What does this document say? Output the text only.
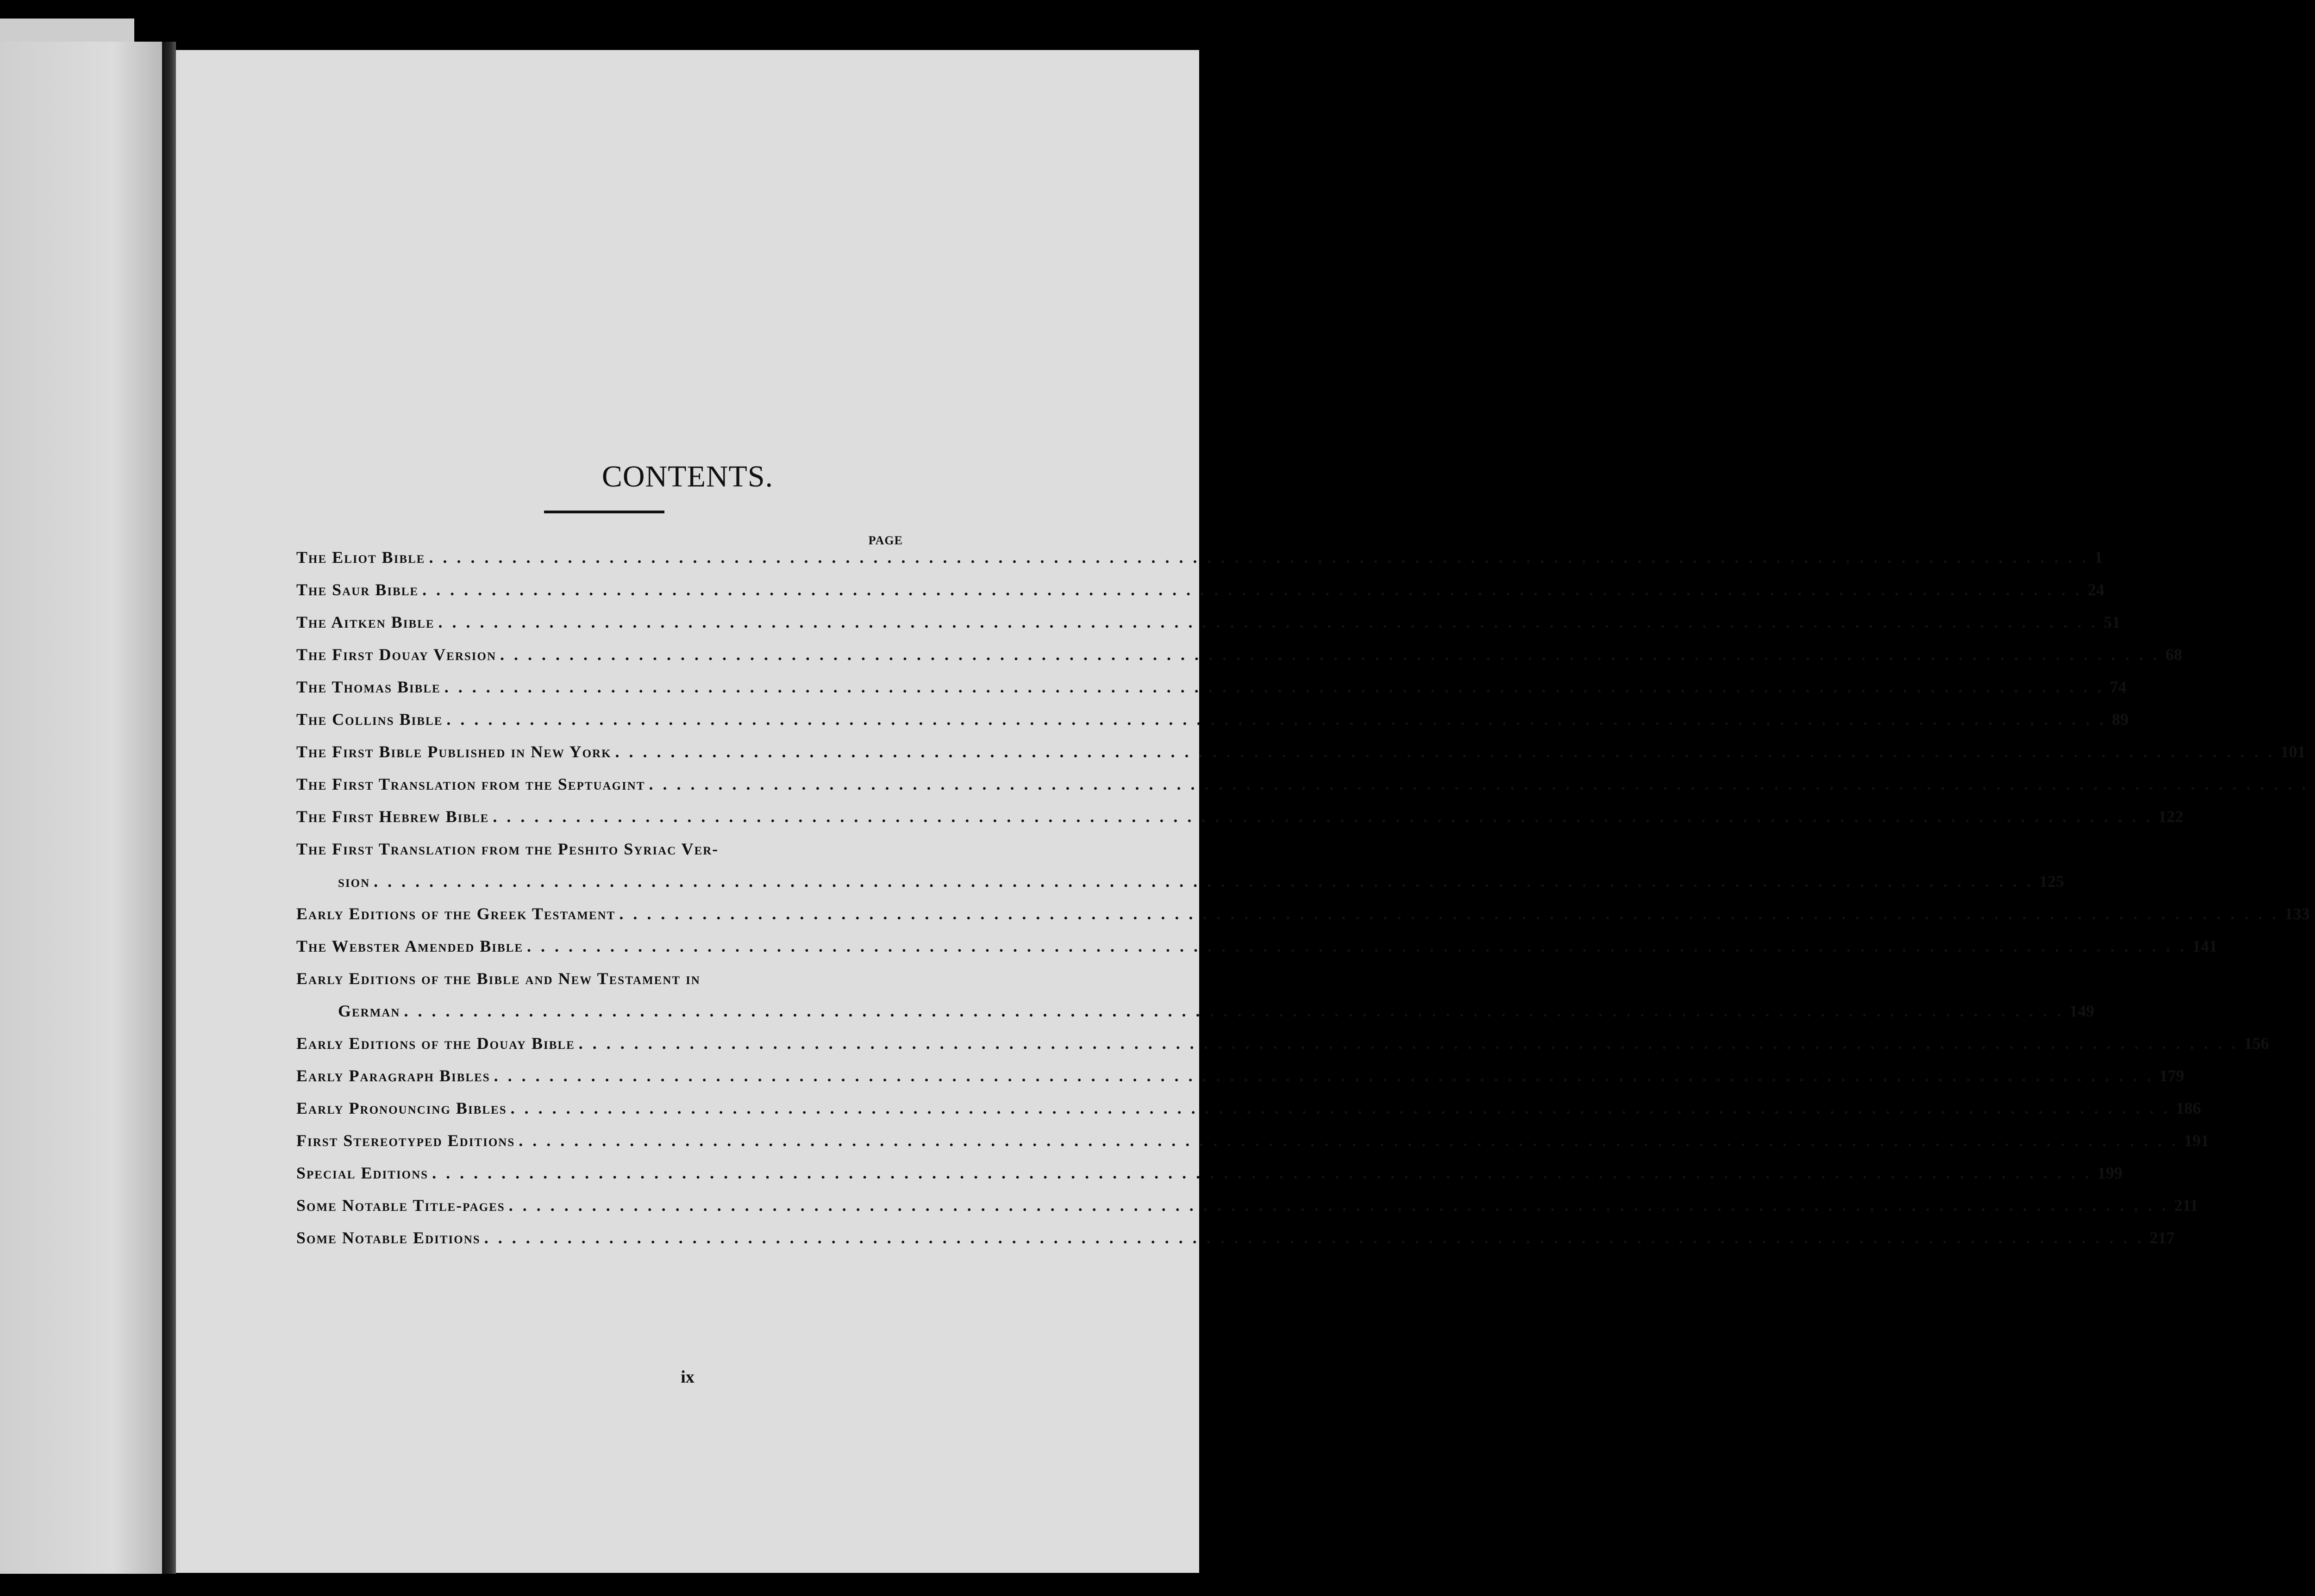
CONTENTS.
PAGE
The Eliot Bible . . . . . . . . . . . . . . . . . . . . . . . . . . . . . . . . . . . . . . . . . . . . . . . . . . . . . . . . . . . . . . . . . . . . . . . . . . . . . . . . . . . . . . . . . . . . . . . . . . . . . . . . . . . . . . . . . . . . . . . . 1
The Saur Bible . . . . . . . . . . . . . . . . . . . . . . . . . . . . . . . . . . . . . . . . . . . . . . . . . . . . . . . . . . . . . . . . . . . . . . . . . . . . . . . . . . . . . . . . . . . . . . . . . . . . . . . . . . . . . . . . . . . . . . . . 24
The Aitken Bible . . . . . . . . . . . . . . . . . . . . . . . . . . . . . . . . . . . . . . . . . . . . . . . . . . . . . . . . . . . . . . . . . . . . . . . . . . . . . . . . . . . . . . . . . . . . . . . . . . . . . . . . . . . . . . . . . . . . . . . . 51
The First Douay Version . . . . . . . . . . . . . . . . . . . . . . . . . . . . . . . . . . . . . . . . . . . . . . . . . . . . . . . . . . . . . . . . . . . . . . . . . . . . . . . . . . . . . . . . . . . . . . . . . . . . . . . . . . . . . . . . . . . . . . . . 68
The Thomas Bible . . . . . . . . . . . . . . . . . . . . . . . . . . . . . . . . . . . . . . . . . . . . . . . . . . . . . . . . . . . . . . . . . . . . . . . . . . . . . . . . . . . . . . . . . . . . . . . . . . . . . . . . . . . . . . . . . . . . . . . . 74
The Collins Bible . . . . . . . . . . . . . . . . . . . . . . . . . . . . . . . . . . . . . . . . . . . . . . . . . . . . . . . . . . . . . . . . . . . . . . . . . . . . . . . . . . . . . . . . . . . . . . . . . . . . . . . . . . . . . . . . . . . . . . . . 89
The First Bible Published in New York . . . . . . . . . . . . . . . . . . . . . . . . . . . . . . . . . . . . . . . . . . . . . . . . . . . . . . . . . . . . . . . . . . . . . . . . . . . . . . . . . . . . . . . . . . . . . . . . . . . . . . . . . . . . . . . . . . . . . . . . 101
The First Translation from the Septuagint . . . . . . . . . . . . . . . . . . . . . . . . . . . . . . . . . . . . . . . . . . . . . . . . . . . . . . . . . . . . . . . . . . . . . . . . . . . . . . . . . . . . . . . . . . . . . . . . . . . . . . . . . . . . . . . . . . . . . . . .
The First Hebrew Bible . . . . . . . . . . . . . . . . . . . . . . . . . . . . . . . . . . . . . . . . . . . . . . . . . . . . . . . . . . . . . . . . . . . . . . . . . . . . . . . . . . . . . . . . . . . . . . . . . . . . . . . . . . . . . . . . . . . . . . . . 122
The First Translation from the Peshito Syriac Ver-
sion . . . . . . . . . . . . . . . . . . . . . . . . . . . . . . . . . . . . . . . . . . . . . . . . . . . . . . . . . . . . . . . . . . . . . . . . . . . . . . . . . . . . . . . . . . . . . . . . . . . . . . . . . . . . . . . . . . . . . . . . 125
Early Editions of the Greek Testament . . . . . . . . . . . . . . . . . . . . . . . . . . . . . . . . . . . . . . . . . . . . . . . . . . . . . . . . . . . . . . . . . . . . . . . . . . . . . . . . . . . . . . . . . . . . . . . . . . . . . . . . . . . . . . . . . . . . . . . . 133
The Webster Amended Bible . . . . . . . . . . . . . . . . . . . . . . . . . . . . . . . . . . . . . . . . . . . . . . . . . . . . . . . . . . . . . . . . . . . . . . . . . . . . . . . . . . . . . . . . . . . . . . . . . . . . . . . . . . . . . . . . . . . . . . . . 141
Early Editions of the Bible and New Testament in
German . . . . . . . . . . . . . . . . . . . . . . . . . . . . . . . . . . . . . . . . . . . . . . . . . . . . . . . . . . . . . . . . . . . . . . . . . . . . . . . . . . . . . . . . . . . . . . . . . . . . . . . . . . . . . . . . . . . . . . . . 149
Early Editions of the Douay Bible . . . . . . . . . . . . . . . . . . . . . . . . . . . . . . . . . . . . . . . . . . . . . . . . . . . . . . . . . . . . . . . . . . . . . . . . . . . . . . . . . . . . . . . . . . . . . . . . . . . . . . . . . . . . . . . . . . . . . . . . 156
Early Paragraph Bibles . . . . . . . . . . . . . . . . . . . . . . . . . . . . . . . . . . . . . . . . . . . . . . . . . . . . . . . . . . . . . . . . . . . . . . . . . . . . . . . . . . . . . . . . . . . . . . . . . . . . . . . . . . . . . . . . . . . . . . . . 179
Early Pronouncing Bibles . . . . . . . . . . . . . . . . . . . . . . . . . . . . . . . . . . . . . . . . . . . . . . . . . . . . . . . . . . . . . . . . . . . . . . . . . . . . . . . . . . . . . . . . . . . . . . . . . . . . . . . . . . . . . . . . . . . . . . . . 186
First Stereotyped Editions . . . . . . . . . . . . . . . . . . . . . . . . . . . . . . . . . . . . . . . . . . . . . . . . . . . . . . . . . . . . . . . . . . . . . . . . . . . . . . . . . . . . . . . . . . . . . . . . . . . . . . . . . . . . . . . . . . . . . . . . 191
Special Editions . . . . . . . . . . . . . . . . . . . . . . . . . . . . . . . . . . . . . . . . . . . . . . . . . . . . . . . . . . . . . . . . . . . . . . . . . . . . . . . . . . . . . . . . . . . . . . . . . . . . . . . . . . . . . . . . . . . . . . . . 199
Some Notable Title-pages . . . . . . . . . . . . . . . . . . . . . . . . . . . . . . . . . . . . . . . . . . . . . . . . . . . . . . . . . . . . . . . . . . . . . . . . . . . . . . . . . . . . . . . . . . . . . . . . . . . . . . . . . . . . . . . . . . . . . . . . 211
Some Notable Editions . . . . . . . . . . . . . . . . . . . . . . . . . . . . . . . . . . . . . . . . . . . . . . . . . . . . . . . . . . . . . . . . . . . . . . . . . . . . . . . . . . . . . . . . . . . . . . . . . . . . . . . . . . . . . . . . . . . . . . . . 217
ix
